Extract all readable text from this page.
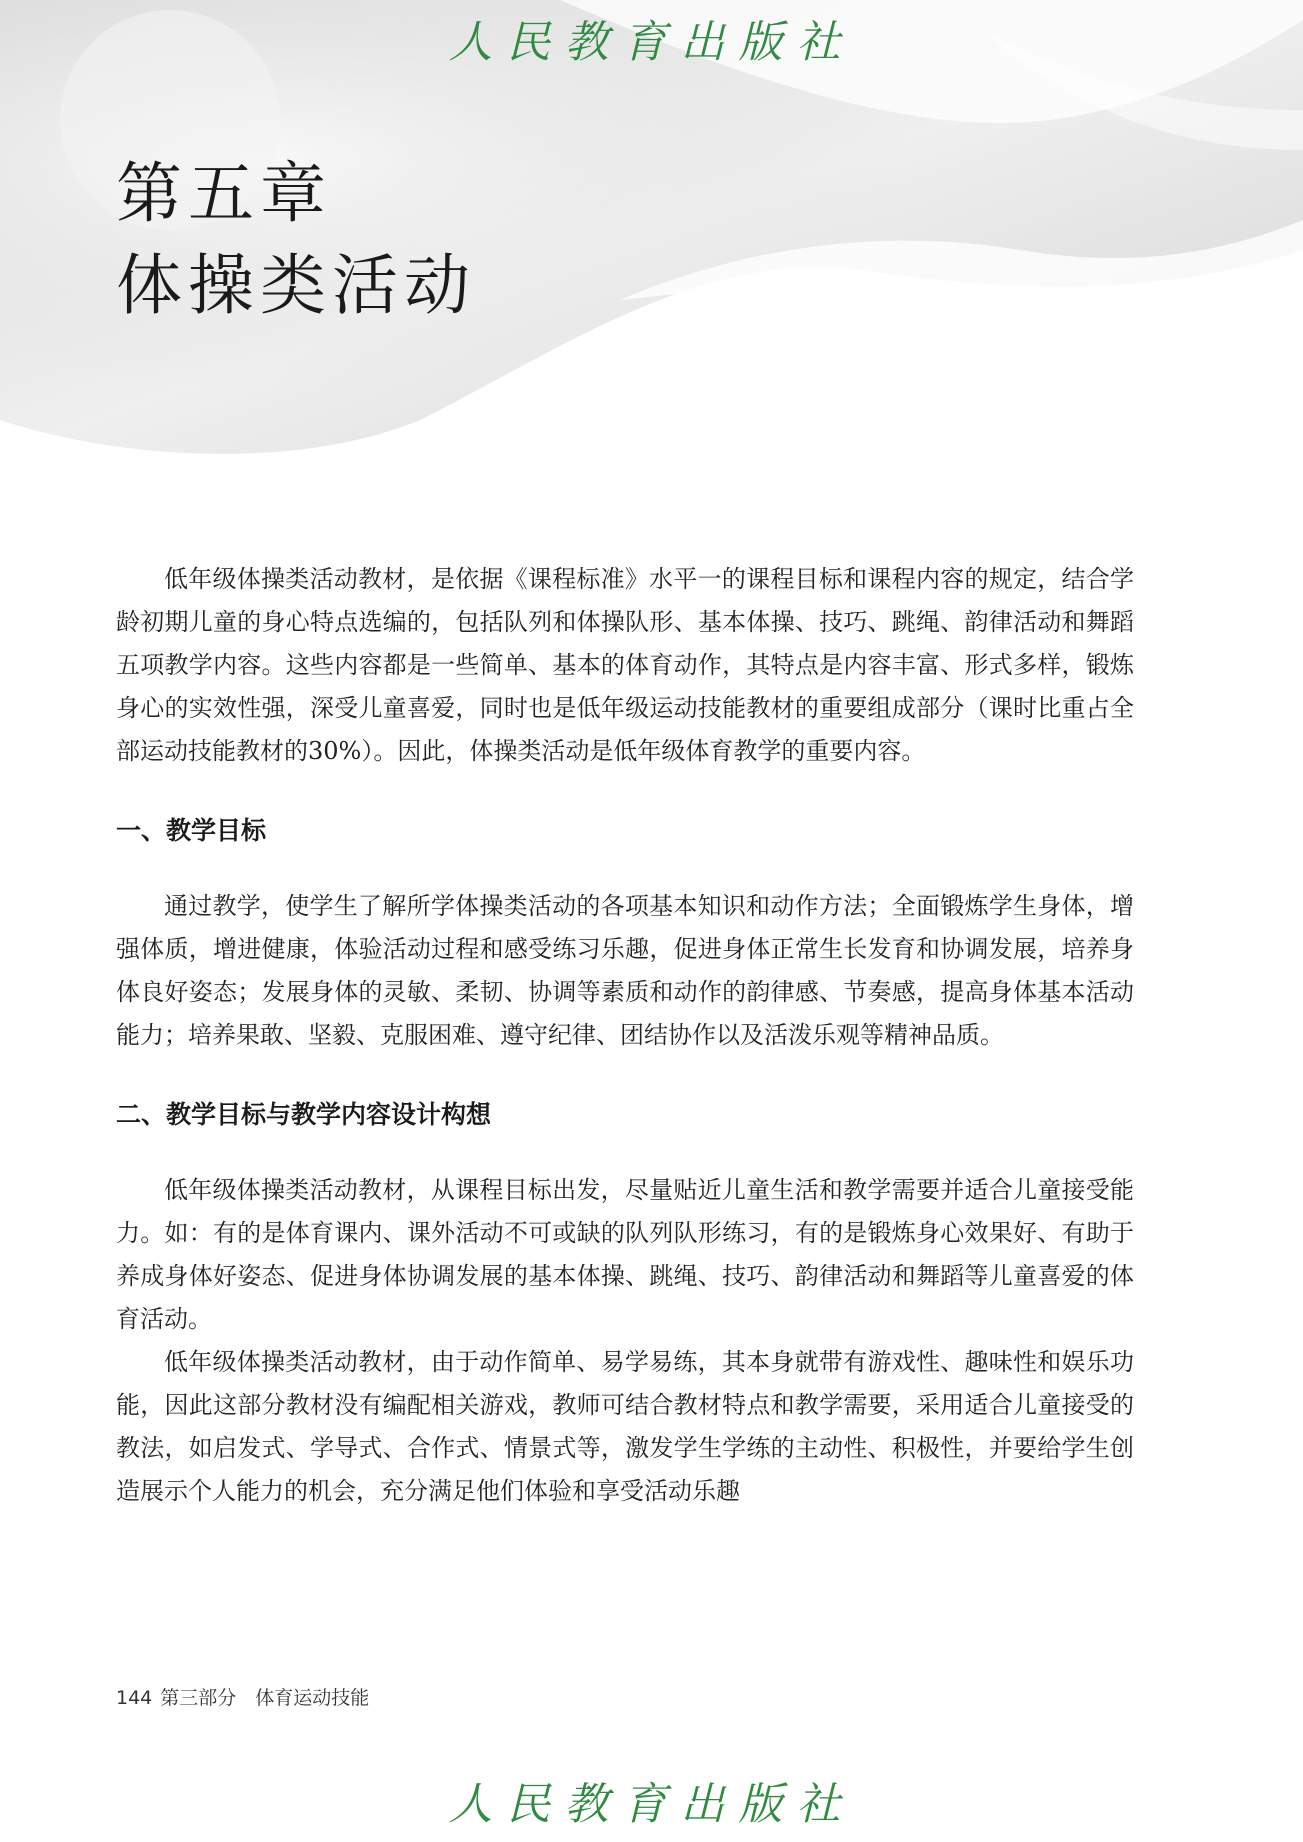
人民教育出版社
第五章
体操类活动

低年级体操类活动教材，是依据《课程标准》水平一的课程目标和课程内容的规定，结合学龄初期儿童的身心特点选编的，包括队列和体操队形、基本体操、技巧、跳绳、韵律活动和舞蹈五项教学内容。这些内容都是一些简单、基本的体育动作，其特点是内容丰富、形式多样，锻炼身心的实效性强，深受儿童喜爱，同时也是低年级运动技能教材的重要组成部分（课时比重占全部运动技能教材的30%）。因此，体操类活动是低年级体育教学的重要内容。

一、教学目标

通过教学，使学生了解所学体操类活动的各项基本知识和动作方法；全面锻炼学生身体，增强体质，增进健康，体验活动过程和感受练习乐趣，促进身体正常生长发育和协调发展，培养身体良好姿态；发展身体的灵敏、柔韧、协调等素质和动作的韵律感、节奏感，提高身体基本活动能力；培养果敢、坚毅、克服困难、遵守纪律、团结协作以及活泼乐观等精神品质。

二、教学目标与教学内容设计构想

低年级体操类活动教材，从课程目标出发，尽量贴近儿童生活和教学需要并适合儿童接受能力。如：有的是体育课内、课外活动不可或缺的队列队形练习，有的是锻炼身心效果好、有助于养成身体好姿态、促进身体协调发展的基本体操、跳绳、技巧、韵律活动和舞蹈等儿童喜爱的体育活动。

低年级体操类活动教材，由于动作简单、易学易练，其本身就带有游戏性、趣味性和娱乐功能，因此这部分教材没有编配相关游戏，教师可结合教材特点和教学需要，采用适合儿童接受的教法，如启发式、学导式、合作式、情景式等，激发学生学练的主动性、积极性，并要给学生创造展示个人能力的机会，充分满足他们体验和享受活动乐趣

144 第三部分　体育运动技能
人民教育出版社
